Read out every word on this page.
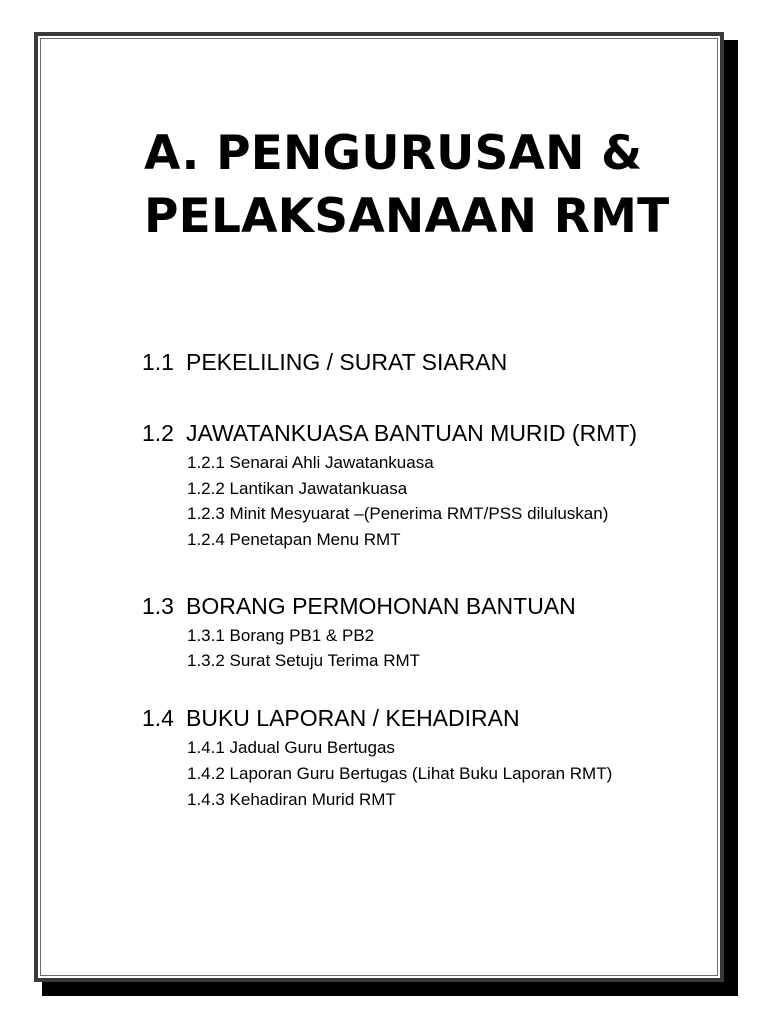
A. PENGURUSAN &
PELAKSANAAN RMT
1.1 PEKELILING / SURAT SIARAN
1.2 JAWATANKUASA BANTUAN MURID (RMT)
1.2.1 Senarai Ahli Jawatankuasa
1.2.2 Lantikan Jawatankuasa
1.2.3 Minit Mesyuarat –(Penerima RMT/PSS diluluskan)
1.2.4 Penetapan Menu RMT
1.3 BORANG PERMOHONAN BANTUAN
1.3.1 Borang PB1 & PB2
1.3.2 Surat Setuju Terima RMT
1.4 BUKU LAPORAN / KEHADIRAN
1.4.1 Jadual Guru Bertugas
1.4.2 Laporan Guru Bertugas (Lihat Buku Laporan RMT)
1.4.3 Kehadiran Murid RMT
